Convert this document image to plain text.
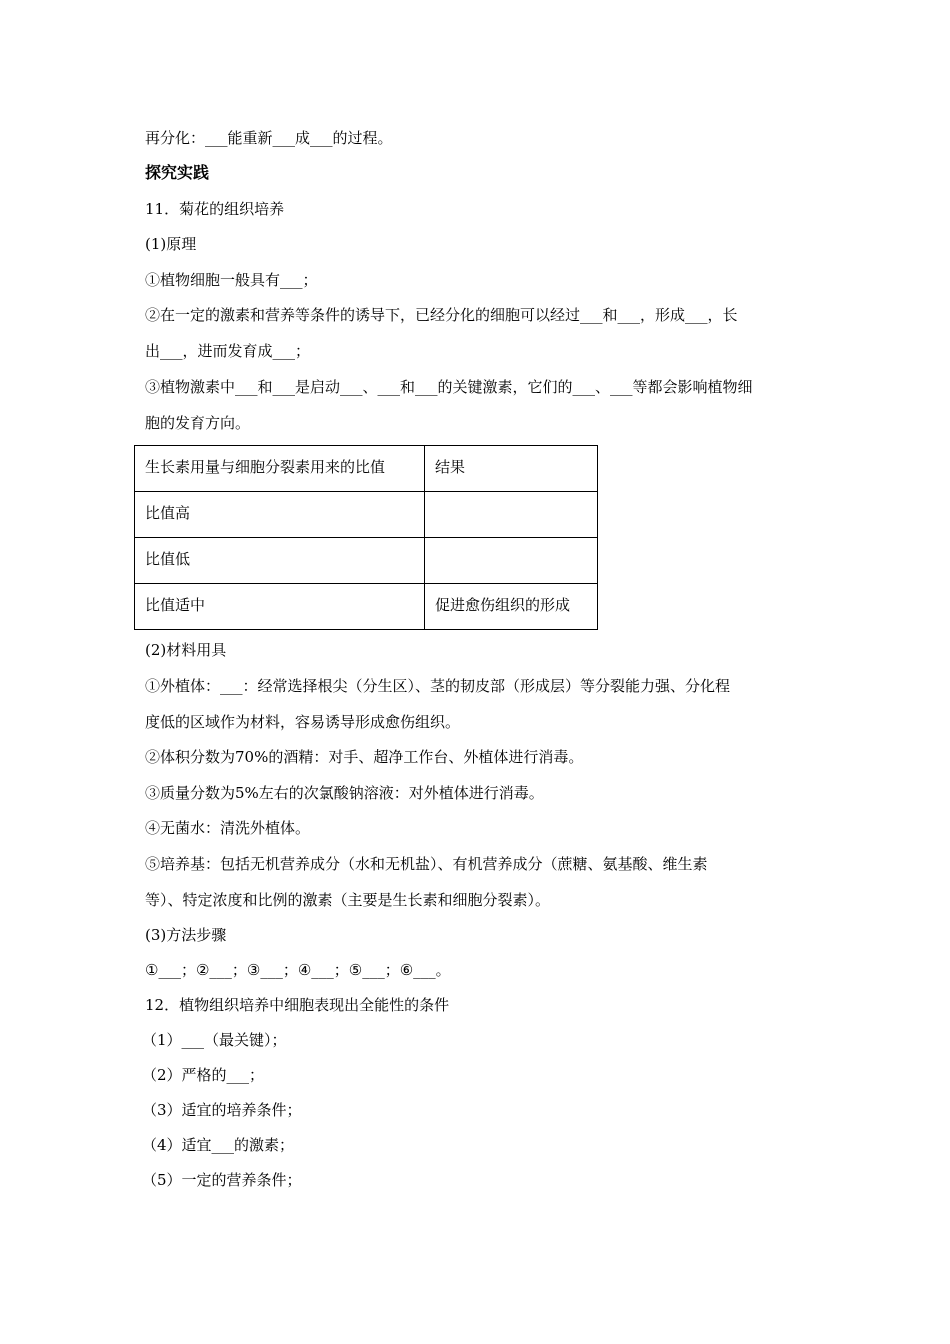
再分化：___能重新___成___的过程。
探究实践
11．菊花的组织培养
(1)原理
①植物细胞一般具有___；
②在一定的激素和营养等条件的诱导下，已经分化的细胞可以经过___和___，形成___，长
出___，进而发育成___；
③植物激素中___和___是启动___、___和___的关键激素，它们的___、___等都会影响植物细
胞的发育方向。
生长素用量与细胞分裂素用来的比值	结果
比值高	
比值低	
比值适中	促进愈伤组织的形成
(2)材料用具
①外植体：___：经常选择根尖（分生区）、茎的韧皮部（形成层）等分裂能力强、分化程
度低的区域作为材料，容易诱导形成愈伤组织。
②体积分数为70%的酒精：对手、超净工作台、外植体进行消毒。
③质量分数为5%左右的次氯酸钠溶液：对外植体进行消毒。
④无菌水：清洗外植体。
⑤培养基：包括无机营养成分（水和无机盐）、有机营养成分（蔗糖、氨基酸、维生素
等）、特定浓度和比例的激素（主要是生长素和细胞分裂素）。
(3)方法步骤
①___；②___；③___；④___；⑤___；⑥___。
12．植物组织培养中细胞表现出全能性的条件
（1）___（最关键）；
（2）严格的___；
（3）适宜的培养条件；
（4）适宜___的激素；
（5）一定的营养条件；
